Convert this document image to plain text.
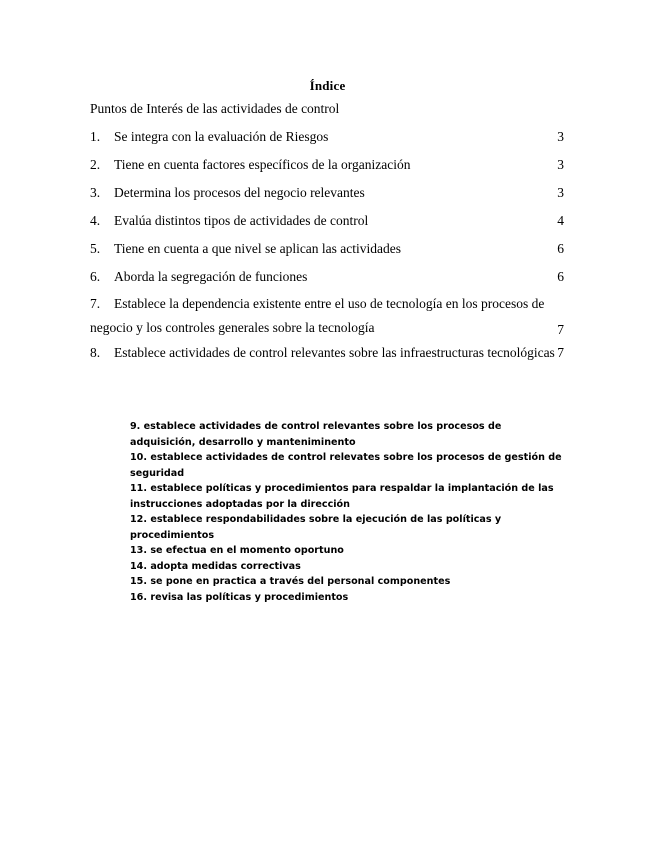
Índice
Puntos de Interés de las actividades de control
1. Se integra con la evaluación de Riesgos	3
2. Tiene en cuenta factores específicos de la organización	3
3. Determina los procesos del negocio relevantes	3
4. Evalúa distintos tipos de actividades de control	4
5. Tiene en cuenta a que nivel se aplican las actividades	6
6. Aborda la segregación de funciones	6
7. Establece la dependencia existente entre el uso de tecnología en los procesos de negocio y los controles generales sobre la tecnología	7
8. Establece actividades de control relevantes sobre las infraestructuras tecnológicas 7

9. establece actividades de control relevantes sobre los procesos de adquisición, desarrollo y manteniminento

10. establece actividades de control relevates sobre los procesos de gestión de seguridad

11. establece políticas y procedimientos para respaldar la implantación de las instrucciones adoptadas por la dirección

12. establece respondabilidades sobre la ejecución de las políticas y procedimientos

13. se efectua en el momento oportuno

14. adopta medidas correctivas

15. se pone en practica a través del personal componentes

16. revisa las políticas y procedimientos
